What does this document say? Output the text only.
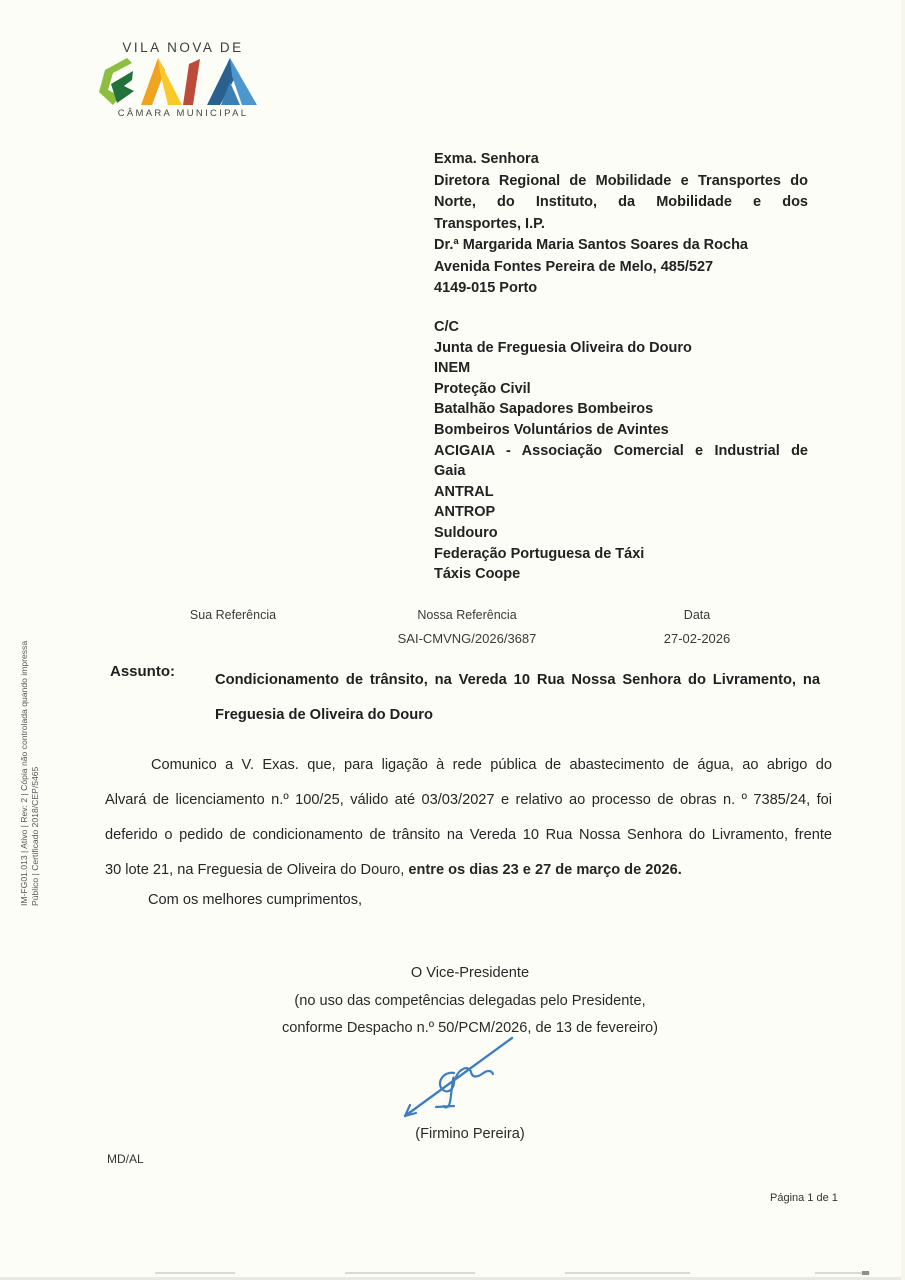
VILA NOVA DE
CÂMARA MUNICIPAL
Exma. Senhora
Diretora Regional de Mobilidade e Transportes do
Norte, do Instituto, da Mobilidade e dos
Transportes, I.P.
Dr.ª Margarida Maria Santos Soares da Rocha
Avenida Fontes Pereira de Melo, 485/527
4149-015 Porto
C/C
Junta de Freguesia Oliveira do Douro
INEM
Proteção Civil
Batalhão Sapadores Bombeiros
Bombeiros Voluntários de Avintes
ACIGAIA - Associação Comercial e Industrial de
Gaia
ANTRAL
ANTROP
Suldouro
Federação Portuguesa de Táxi
Táxis Coope
Sua Referência	Nossa Referência
SAI-CMVNG/2026/3687
Data
27-02-2026
Assunto:	Condicionamento de trânsito, na Vereda 10 Rua Nossa Senhora do Livramento, na
Freguesia de Oliveira do Douro
Comunico a V. Exas. que, para ligação à rede pública de abastecimento de água, ao abrigo do
Alvará de licenciamento n.º 100/25, válido até 03/03/2027 e relativo ao processo de obras n. º 7385/24, foi
deferido o pedido de condicionamento de trânsito na Vereda 10 Rua Nossa Senhora do Livramento, frente
30 lote 21, na Freguesia de Oliveira do Douro, entre os dias 23 e 27 de março de 2026.
Com os melhores cumprimentos,
O Vice-Presidente
(no uso das competências delegadas pelo Presidente,
conforme Despacho n.º 50/PCM/2026, de 13 de fevereiro)
(Firmino Pereira)
MD/AL
Página 1 de 1
IM-FG01.013 | Ativo | Rev: 2 | Cópia não controlada quando impressa Público | Certificado 2018/CEP/5465
